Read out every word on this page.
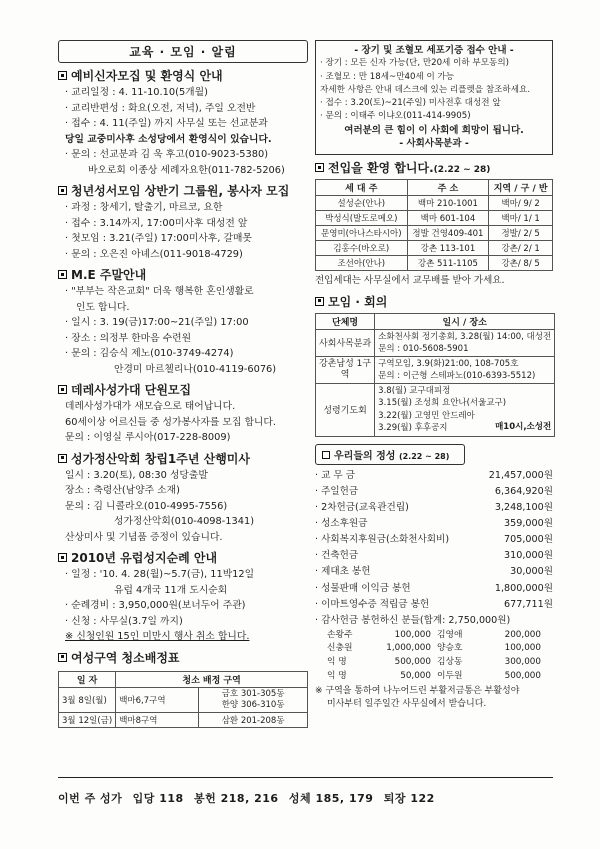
교육 · 모임 · 알림
예비신자모집 및 환영식 안내
· 교리일정 : 4. 11-10.10(5개월)
· 교리반편성 : 화요(오전, 저녁), 주일 오전반
· 접수 : 4. 11(주일) 까지 사무실 또는 선교분과
당일 교중미사후 소성당에서 환영식이 있습니다.
· 문의 : 선교분과 김 욱 후고(010-9023-5380)
바오로회 이종상 세례자요한(011-782-5206)
청년성서모임 상반기 그룹원, 봉사자 모집
· 과정 : 창세기, 탈출기, 마르코, 요한
· 접수 : 3.14까지, 17:00미사후 대성전 앞
· 첫모임 : 3.21(주일) 17:00미사후, 갈매못
· 문의 : 오은진 아녜스(011-9018-4729)
M.E 주말안내
· "부부는 작은교회" 더욱 행복한 혼인생활로
인도 합니다.
· 일시 : 3. 19(금)17:00~21(주일) 17:00
· 장소 : 의정부 한마음 수련원
· 문의 : 김승식 제노(010-3749-4274)
안경미 마르첼리나(010-4119-6076)
데레사성가대 단원모집
데레사성가대가 새모습으로 태어납니다.
60세이상 어르신들 중 성가봉사자를 모집 합니다.
문의 : 이영실 루시아(017-228-8009)
성가정산악회 창립1주년 산행미사
일시 : 3.20(토), 08:30 성당출발
장소 : 축령산(남양주 소재)
문의 : 김 니콜라오(010-4995-7556)
성가정산악회(010-4098-1341)
산상미사 및 기념품 증정이 있습니다.
2010년 유럽성지순례 안내
· 일정 : '10. 4. 28(월)~5.7(금), 11박12일
유럽 4개국 11개 도시순회
· 순례경비 : 3,950,000원(보너두어 주관)
· 신청 : 사무실(3.7일 까지)
※ 신청인원 15인 미만시 행사 취소 합니다.
여성구역 청소배정표
일 자	청소 배정 구역	
3월 8일(월)	백마6,7구역	금호 301-305동
한양 306-310동

3월 12일(금)	백마8구역	삼환 201-208동
- 장기 및 조혈모 세포기증 접수 안내 -
· 장기 : 모든 신자 가능(단, 만20세 이하 부모동의)
· 조혈모 : 만 18세~만40세 이 가능
자세한 사항은 안내 데스크에 있는 리플렛을 참조하세요.
· 접수 : 3.20(토)~21(주일) 미사전후 대성전 앞
· 문의 : 이태주 이냐오(011-414-9905)
여러분의 큰 힘이 이 사회에 희망이 됩니다.
- 사회사목분과 -
전입을 환영 합니다.(2.22 ~ 28)
세 대 주	주 소	지역 / 구 / 반
설성순(안나)	백마 210-1001	백마/ 9/ 2
박성식(발도로메오)	백마 601-104	백마/ 1/ 1
문영미(아나스타시아)	정발 건영409-401	정발/ 2/ 5
김홍수(바오로)	강촌 113-101	강촌/ 2/ 1
조선아(안나)	강촌 511-1105	강촌/ 8/ 5
전입세대는 사무실에서 교무배를 받아 가세요.
모임 · 회의
단체명	일시 / 장소
사회사목분과	소화천사회 정기총회, 3.28(월) 14:00, 대성전
문의 : 010-5608-5901

강촌남성 1구역	구역모임, 3.9(화)21:00, 108-705호
문의 : 이근형 스테파노(010-6393-5512)

성령기도회	3.8(월) 교구대피정
3.15(월) 조성희 요안나(서울교구)
3.22(월) 고영민 안드레아
3.29(월) 후후공지 매10시,소성전
우리들의 정성 (2.22 ~ 28)
· 교 무 금	21,457,000원
· 주일헌금	6,364,920원
· 2차헌금(교육관건립)	3,248,100원
· 성소후원금	359,000원
· 사회복지후원금(소화천사회비)	705,000원
· 건축헌금	310,000원
· 제대초 봉헌	30,000원
· 성물판매 이익금 봉헌	1,800,000원
· 이마트영수증 적립금 봉헌	677,711원
· 감사헌금 봉헌하신 분들(합계: 2,750,000원)
손왕주	100,000 김영애	200,000
신충원	1,000,000 양승호	100,000
익 명	500,000 김상동	300,000
익 명	50,000 이두원	500,000
※ 구역을 통하여 나누어드린 부활저금통은 부활성야
미사부터 일주일간 사무실에서 받습니다.
이번 주 성가 입당 118 봉헌 218, 216 성체 185, 179 퇴장 122
